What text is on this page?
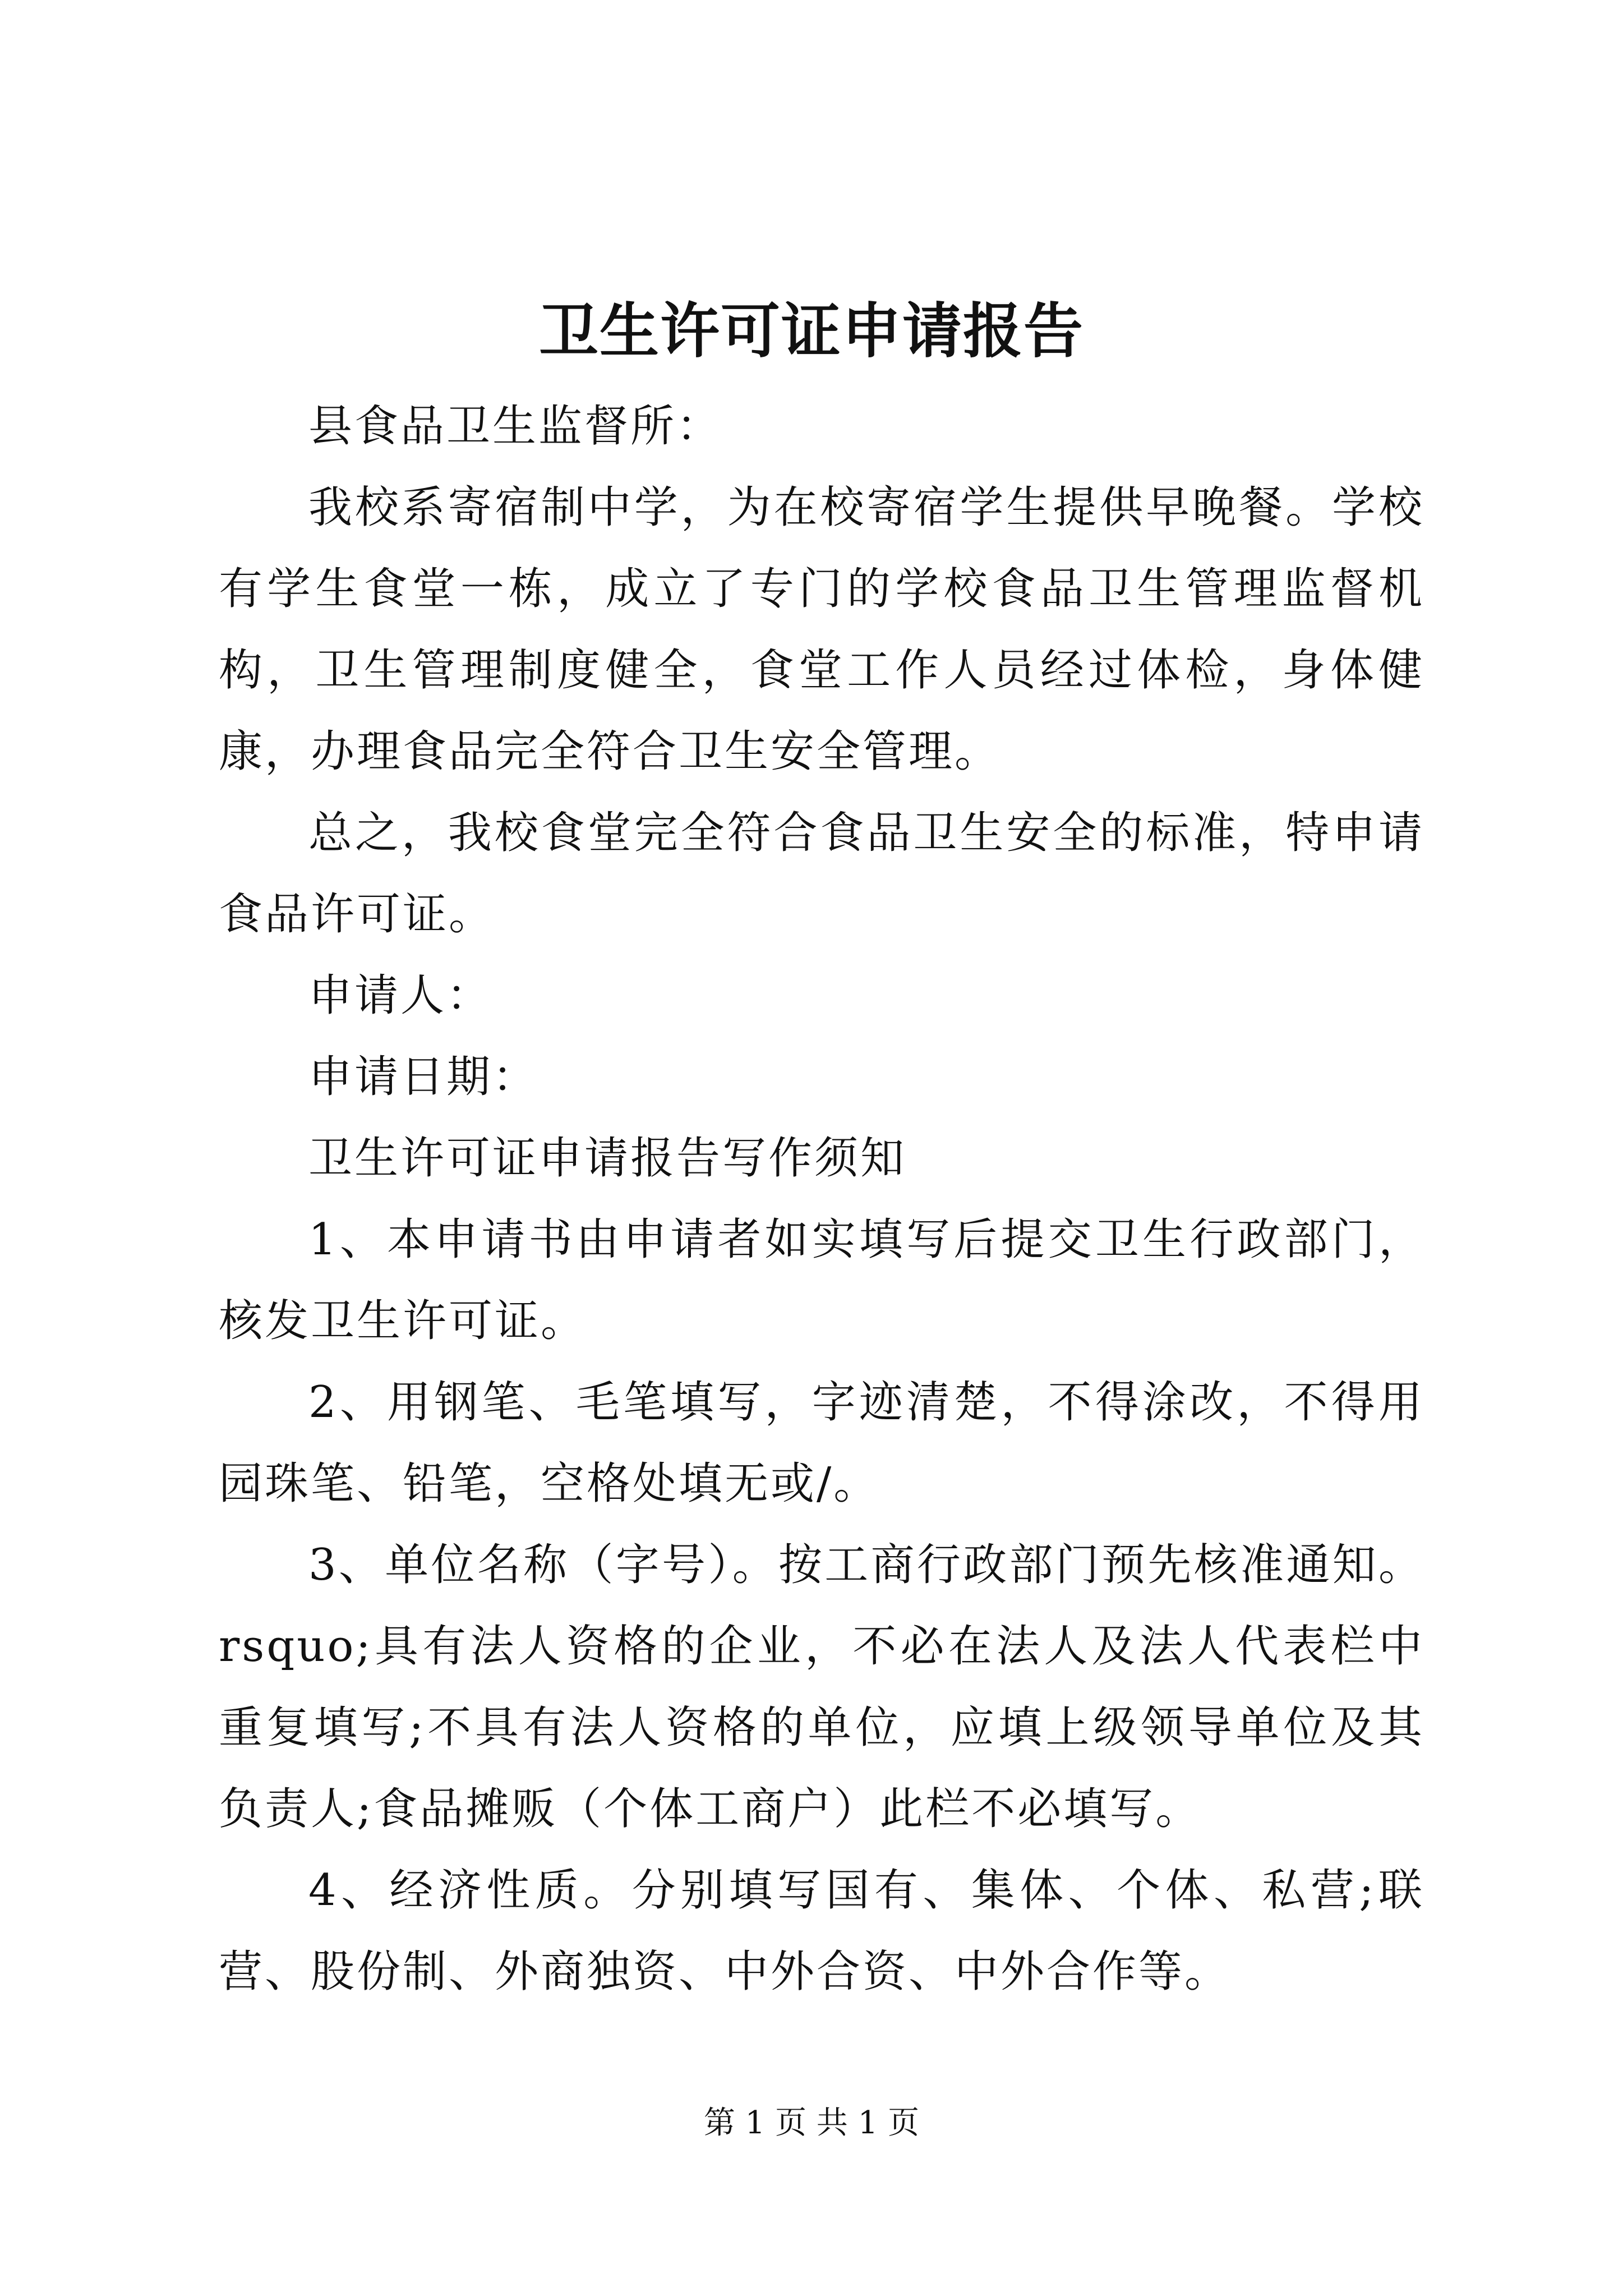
卫生许可证申请报告

县食品卫生监督所：

我校系寄宿制中学，为在校寄宿学生提供早晚餐。学校有学生食堂一栋，成立了专门的学校食品卫生管理监督机构，卫生管理制度健全，食堂工作人员经过体检，身体健康，办理食品完全符合卫生安全管理。

总之，我校食堂完全符合食品卫生安全的标准，特申请食品许可证。

申请人：

申请日期：

卫生许可证申请报告写作须知

1、本申请书由申请者如实填写后提交卫生行政部门，核发卫生许可证。

2、用钢笔、毛笔填写，字迹清楚，不得涂改，不得用园珠笔、铅笔，空格处填无或/。

3、单位名称（字号）。按工商行政部门预先核准通知。rsquo;具有法人资格的企业，不必在法人及法人代表栏中重复填写;不具有法人资格的单位，应填上级领导单位及其负责人;食品摊贩（个体工商户）此栏不必填写。

4、经济性质。分别填写国有、集体、个体、私营;联营、股份制、外商独资、中外合资、中外合作等。

第 1 页 共 1 页
